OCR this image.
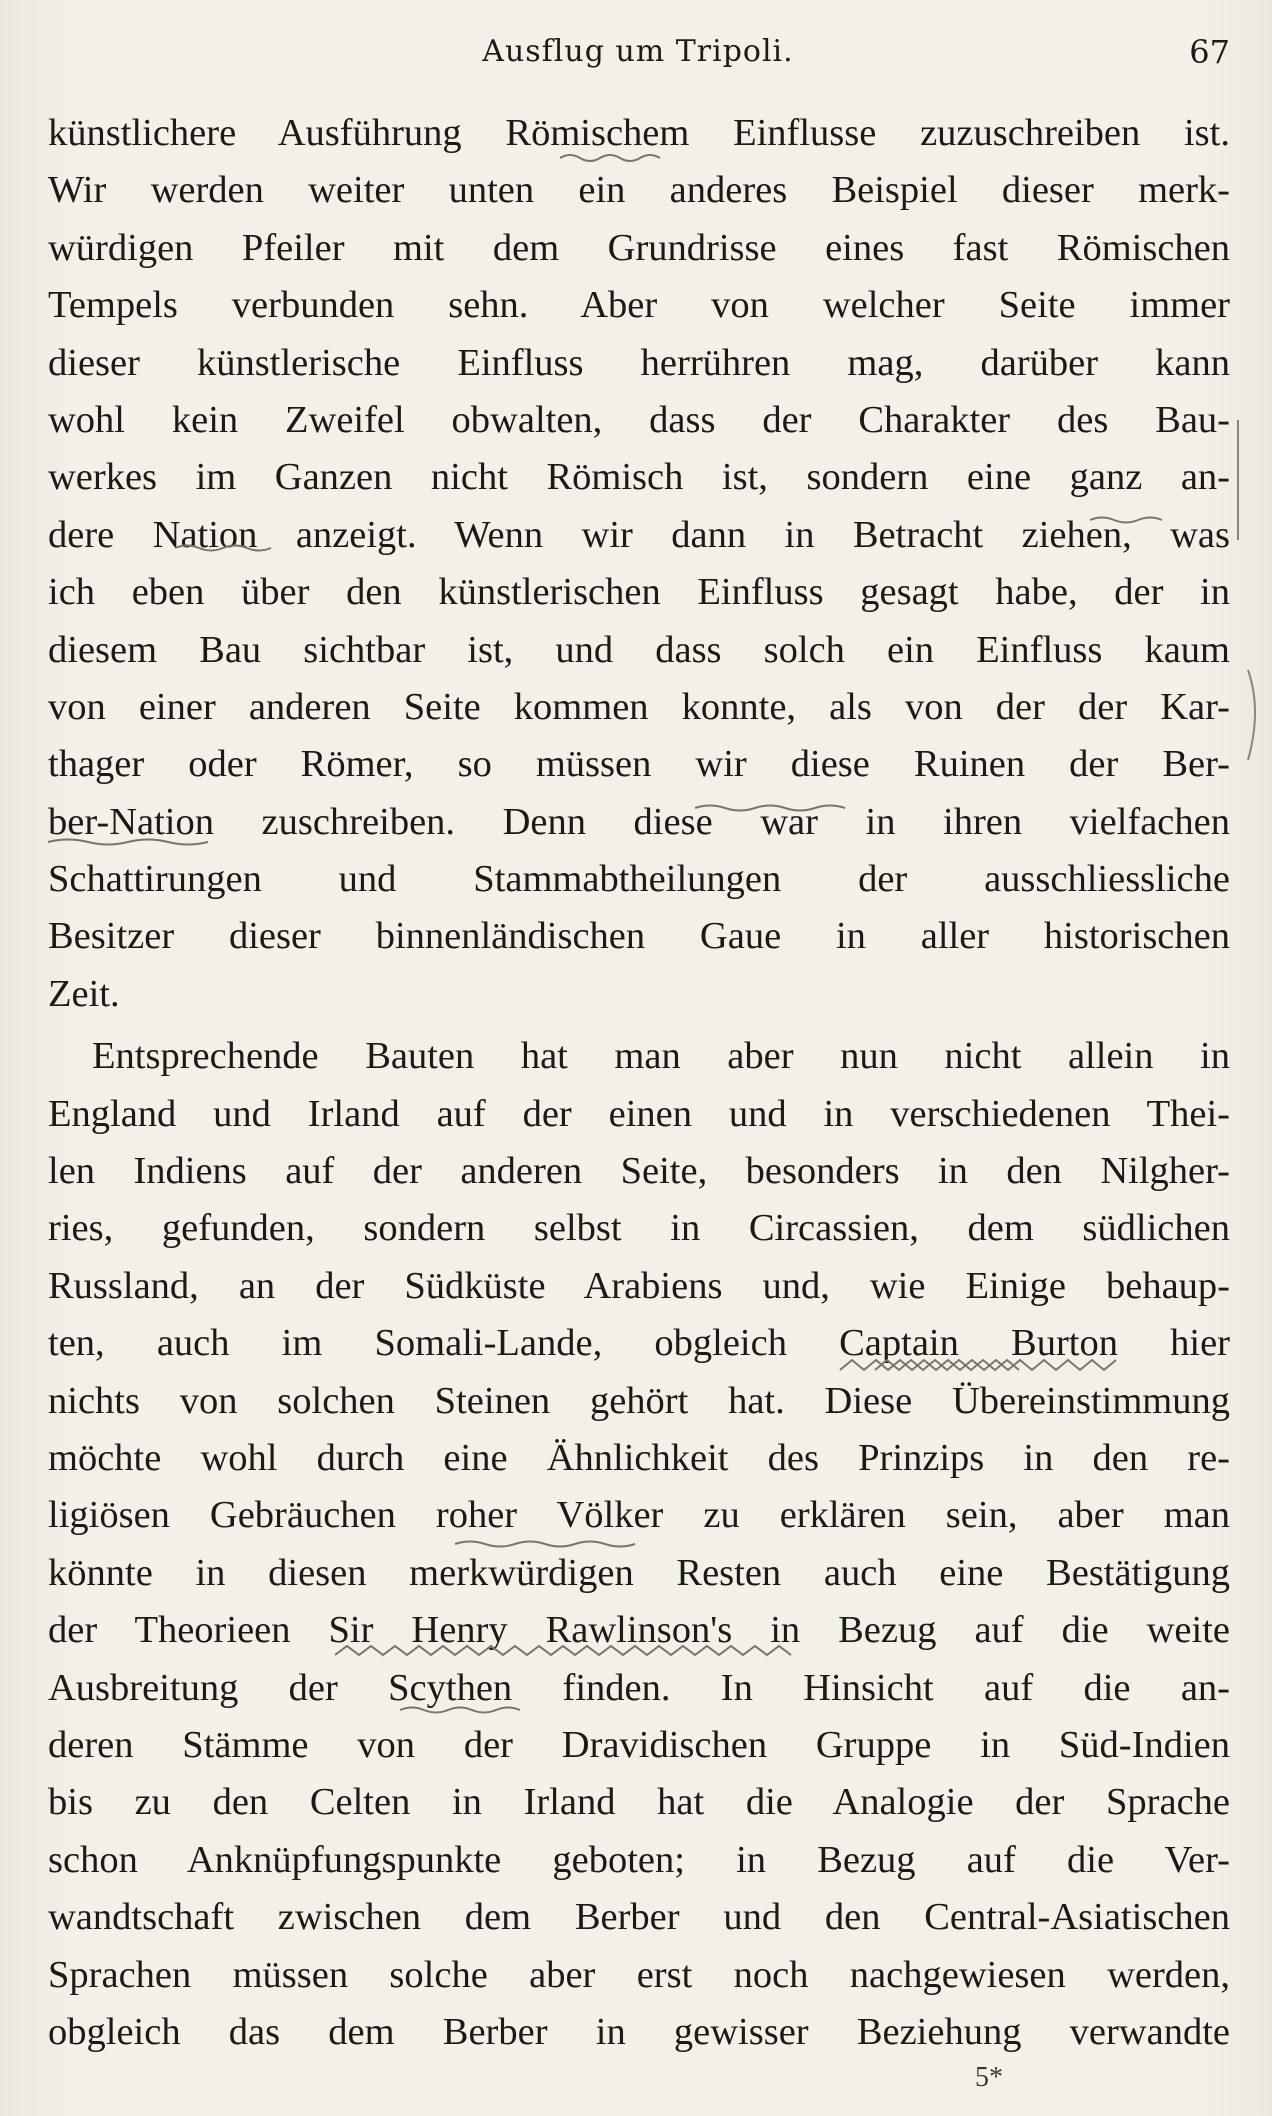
Ausflug um Tripoli.	67
künstlichere Ausführung Römischem Einflusse zuzuschreiben ist.
Wir werden weiter unten ein anderes Beispiel dieser merk-
würdigen Pfeiler mit dem Grundrisse eines fast Römischen
Tempels verbunden sehn. Aber von welcher Seite immer
dieser künstlerische Einfluss herrühren mag, darüber kann
wohl kein Zweifel obwalten, dass der Charakter des Bau-
werkes im Ganzen nicht Römisch ist, sondern eine ganz an-
dere Nation anzeigt. Wenn wir dann in Betracht ziehen, was
ich eben über den künstlerischen Einfluss gesagt habe, der in
diesem Bau sichtbar ist, und dass solch ein Einfluss kaum
von einer anderen Seite kommen konnte, als von der der Kar-
thager oder Römer, so müssen wir diese Ruinen der Ber-
ber-Nation zuschreiben. Denn diese war in ihren vielfachen
Schattirungen und Stammabtheilungen der ausschliessliche
Besitzer dieser binnenländischen Gaue in aller historischen
Zeit.
Entsprechende Bauten hat man aber nun nicht allein in
England und Irland auf der einen und in verschiedenen Thei-
len Indiens auf der anderen Seite, besonders in den Nilgher-
ries, gefunden, sondern selbst in Circassien, dem südlichen
Russland, an der Südküste Arabiens und, wie Einige behaup-
ten, auch im Somali-Lande, obgleich Captain Burton hier
nichts von solchen Steinen gehört hat. Diese Übereinstimmung
möchte wohl durch eine Ähnlichkeit des Prinzips in den re-
ligiösen Gebräuchen roher Völker zu erklären sein, aber man
könnte in diesen merkwürdigen Resten auch eine Bestätigung
der Theorieen Sir Henry Rawlinson's in Bezug auf die weite
Ausbreitung der Scythen finden. In Hinsicht auf die an-
deren Stämme von der Dravidischen Gruppe in Süd-Indien
bis zu den Celten in Irland hat die Analogie der Sprache
schon Anknüpfungspunkte geboten; in Bezug auf die Ver-
wandtschaft zwischen dem Berber und den Central-Asiatischen
Sprachen müssen solche aber erst noch nachgewiesen werden,
obgleich das dem Berber in gewisser Beziehung verwandte
5*
